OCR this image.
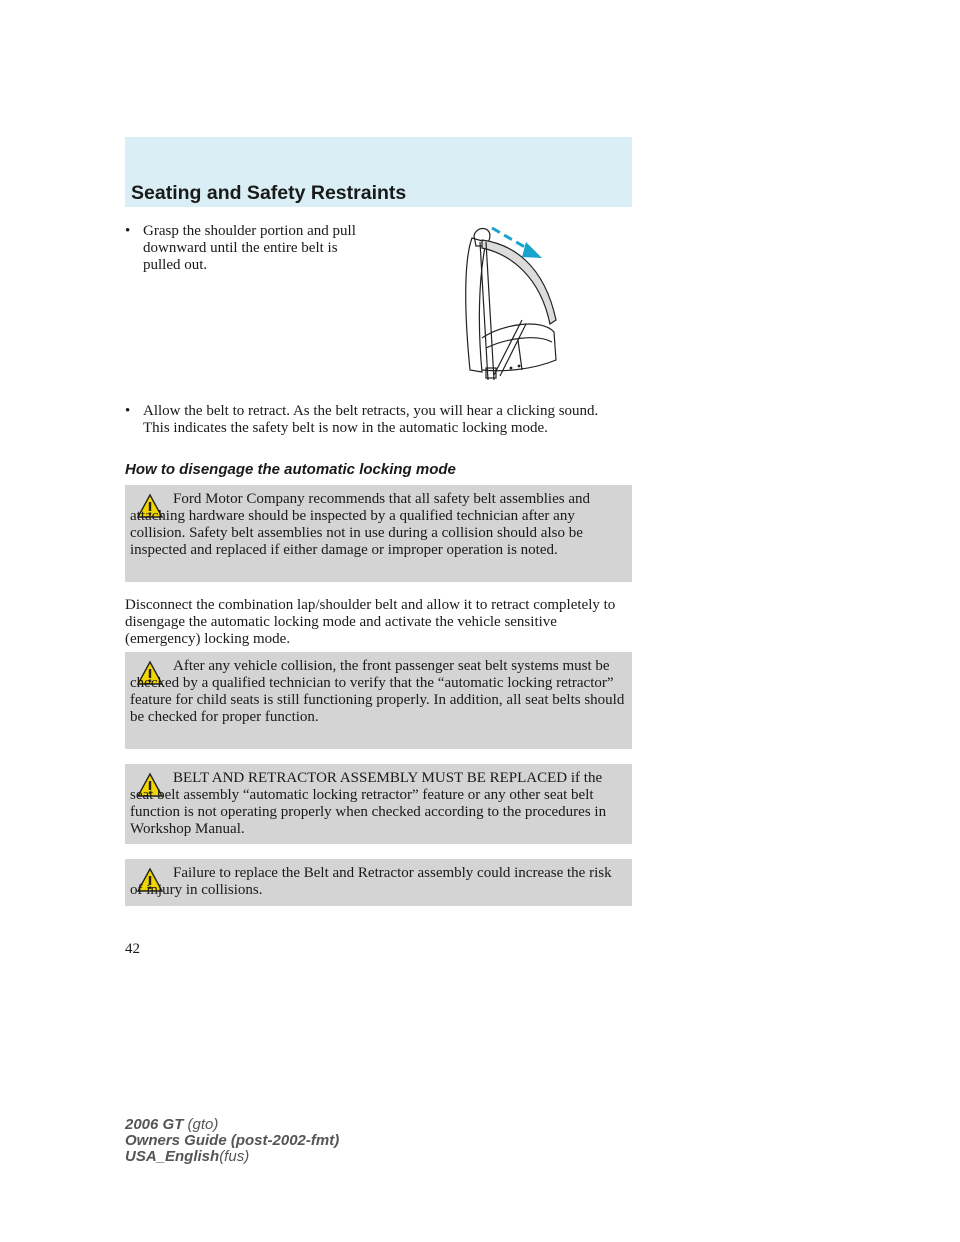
Seating and Safety Restraints
• Grasp the shoulder portion and pull downward until the entire belt is pulled out.
• Allow the belt to retract. As the belt retracts, you will hear a clicking sound. This indicates the safety belt is now in the automatic locking mode.
How to disengage the automatic locking mode
Ford Motor Company recommends that all safety belt assemblies and attaching hardware should be inspected by a qualified technician after any collision. Safety belt assemblies not in use during a collision should also be inspected and replaced if either damage or improper operation is noted.
Disconnect the combination lap/shoulder belt and allow it to retract completely to disengage the automatic locking mode and activate the vehicle sensitive (emergency) locking mode.
After any vehicle collision, the front passenger seat belt systems must be checked by a qualified technician to verify that the “automatic locking retractor” feature for child seats is still functioning properly. In addition, all seat belts should be checked for proper function.
BELT AND RETRACTOR ASSEMBLY MUST BE REPLACED if the seat belt assembly “automatic locking retractor” feature or any other seat belt function is not operating properly when checked according to the procedures in Workshop Manual.
Failure to replace the Belt and Retractor assembly could increase the risk of injury in collisions.
42
2006 GT (gto)
Owners Guide (post-2002-fmt)
USA_English(fus)
